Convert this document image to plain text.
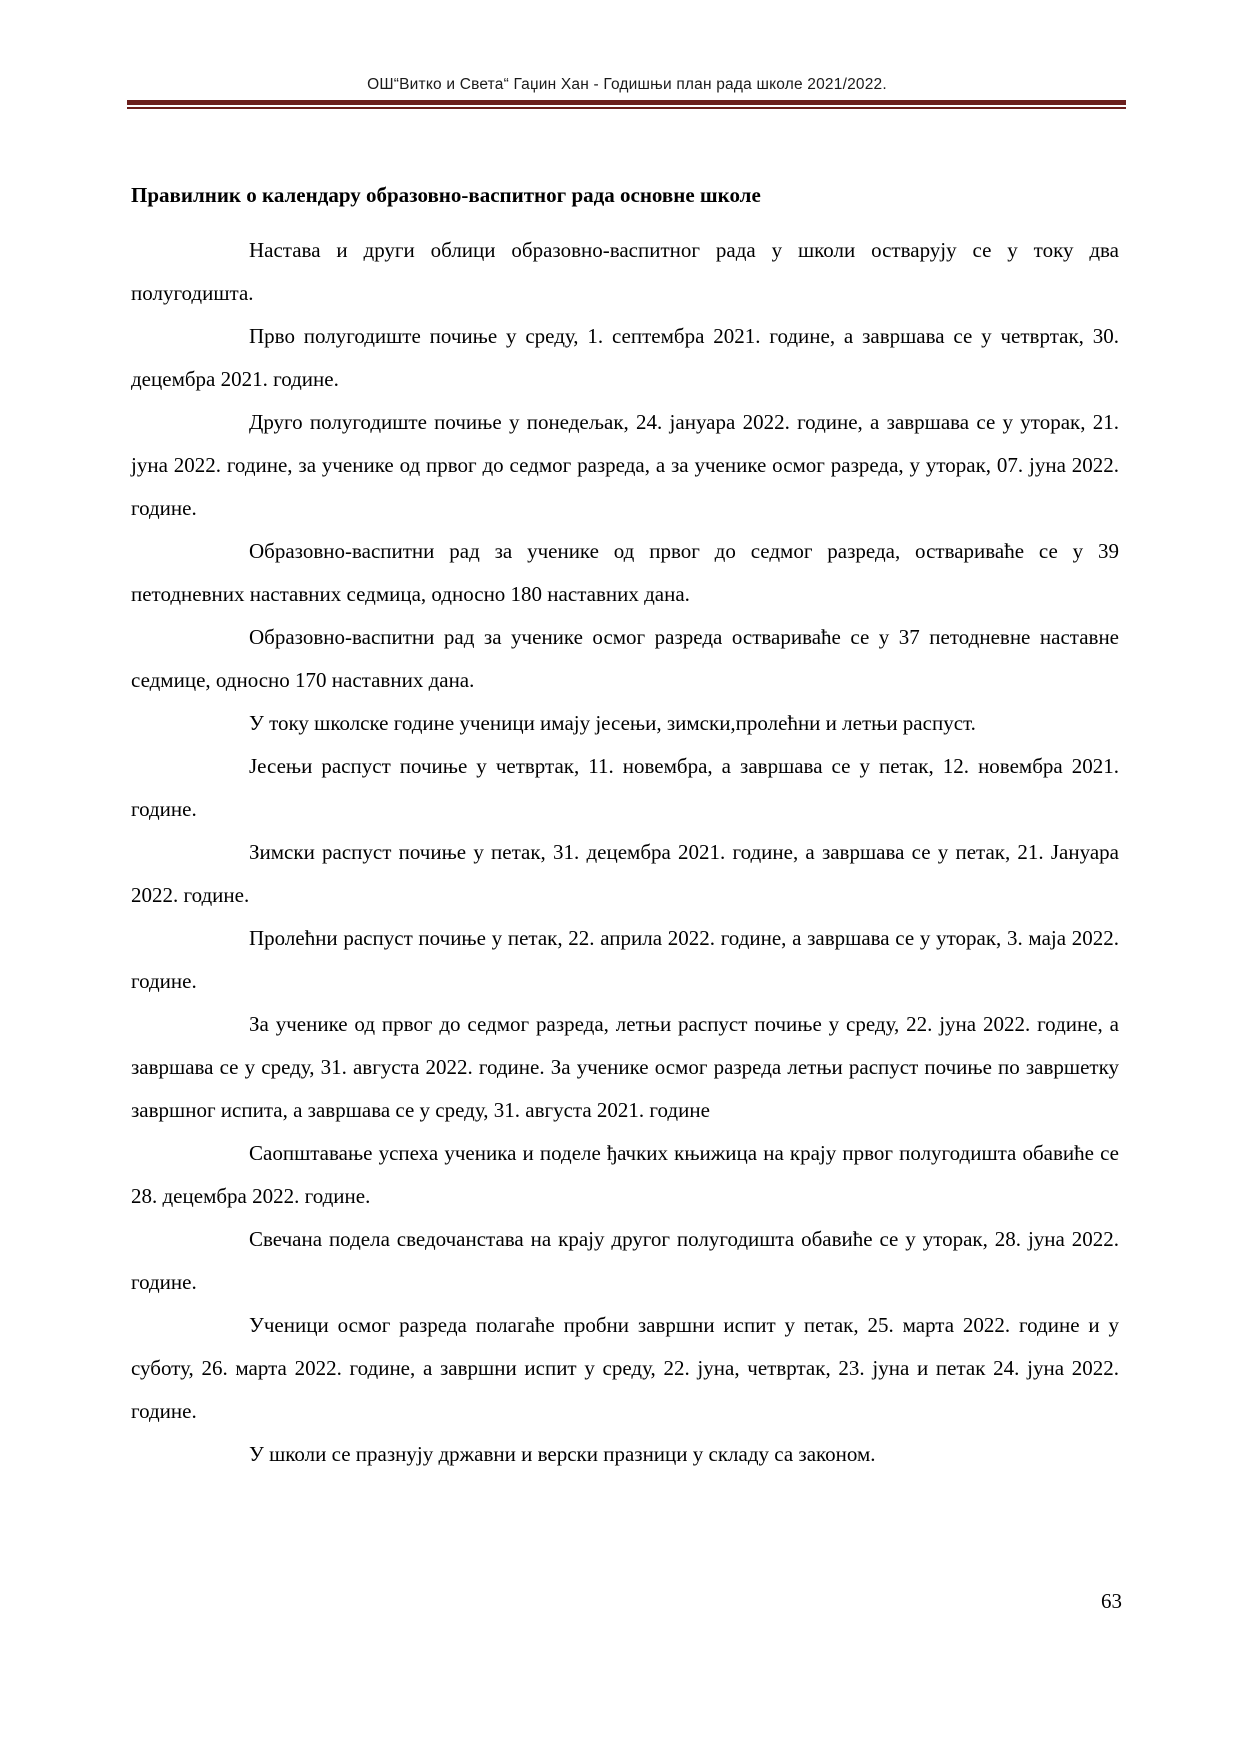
ОШ“Витко и Света“ Гаџин Хан - Годишњи план рада школе 2021/2022.
Правилник о календару образовно-васпитног рада основне школе

Настава и други облици образовно-васпитног рада у школи остварују се у току два полугодишта.

Прво полугодиште почиње у среду, 1. септембра 2021. године, а завршава се у четвртак, 30. децембра 2021. године.

Друго полугодиште почиње у понедељак, 24. јануара 2022. године, а завршава се у уторак, 21. јуна 2022. године, за ученике од првог до седмог разреда, а за ученике осмог разреда, у уторак, 07. јуна 2022. године.

Образовно-васпитни рад за ученике од првог до седмог разреда, оствариваће се у 39 петодневних наставних седмица, односно 180 наставних дана.

Образовно-васпитни рад за ученике осмог разреда оствариваће се у 37 петодневне наставне седмице, односно 170 наставних дана.

У току школске године ученици имају јесењи, зимски,пролећни и летњи распуст.

Јесењи распуст почиње у четвртак, 11. новембра, а завршава се у петак, 12. новембра 2021. године.

Зимски распуст почиње у петак, 31. децембра 2021. године, а завршава се у петак, 21. Јануара 2022. године.

Пролећни распуст почиње у петак, 22. априла 2022. године, а завршава се у уторак, 3. маја 2022. године.

За ученике од првог до седмог разреда, летњи распуст почиње у среду, 22. јуна 2022. године, а завршава се у среду, 31. августа 2022. године. За ученике осмог разреда летњи распуст почиње по завршетку завршног испита, а завршава се у среду, 31. августа 2021. године

Саопштавање успеха ученика и поделе ђачких књижица на крају првог полугодишта обавиће се 28. децембра 2022. године.

Свечана подела сведочанстава на крају другог полугодишта обавиће се у уторак, 28. јуна 2022. године.

Ученици осмог разреда полагаће пробни завршни испит у петак, 25. марта 2022. године и у суботу, 26. марта 2022. године, а завршни испит у среду, 22. јуна, четвртак, 23. јуна и петак 24. јуна 2022. године.

У школи се празнују државни и верски празници у складу са законом.

63
